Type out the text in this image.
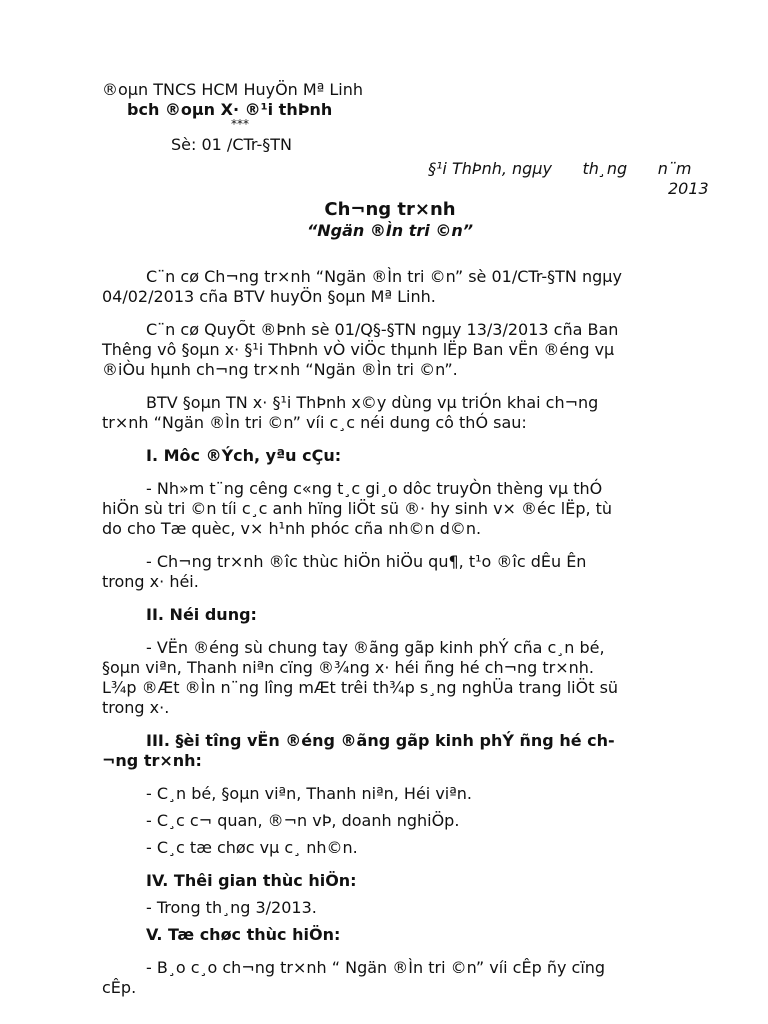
®oµn TNCS HCM HuyÖn Mª Linh
bch ®oµn X· ®¹i thÞnh
***
Sè: 01 /CTr-§TN
§¹i ThÞnh, ngµy      th¸ng      n¨m
2013
Ch¬ng tr×nh
“Ngän ®Ìn tri ©n”
C¨n cø Ch¬ng tr×nh “Ngän ®Ìn tri ©n” sè 01/CTr-§TN ngµy
04/02/2013 cña BTV huyÖn §oµn Mª Linh.
C¨n cø QuyÕt ®Þnh sè 01/Q§-§TN ngµy 13/3/2013 cña Ban
Thêng vô §oµn x· §¹i ThÞnh vÒ viÖc thµnh lËp Ban vËn ®éng vµ
®iÒu hµnh ch¬ng tr×nh “Ngän ®Ìn tri ©n”.
BTV §oµn TN x· §¹i ThÞnh x©y dùng vµ triÓn khai ch¬ng
tr×nh “Ngän ®Ìn tri ©n” víi c¸c néi dung cô thÓ sau:
I. Môc ®Ých, yªu cÇu:
- Nh»m t¨ng cêng c«ng t¸c gi¸o dôc truyÒn thèng vµ thÓ
hiÖn sù tri ©n tíi c¸c anh hïng liÖt sü ®· hy sinh v× ®éc lËp, tù
do cho Tæ quèc, v× h¹nh phóc cña nh©n d©n.
- Ch¬ng tr×nh ®îc thùc hiÖn hiÖu qu¶, t¹o ®îc dÊu Ên
trong x· héi.
II. Néi dung:
- VËn ®éng sù chung tay ®ãng gãp kinh phÝ cña c¸n bé,
§oµn viªn, Thanh niªn cïng ®¾ng x· héi ñng hé ch¬ng tr×nh.
L¾p ®Æt ®Ìn n¨ng lîng mÆt trêi th¾p s¸ng nghÜa trang liÖt sü
trong x·.
III. §èi tîng vËn ®éng ®ãng gãp kinh phÝ ñng hé ch-
¬ng tr×nh:
- C¸n bé, §oµn viªn, Thanh niªn, Héi viªn.
- C¸c c¬ quan, ®¬n vÞ, doanh nghiÖp.
- C¸c tæ chøc vµ c¸ nh©n.
IV. Thêi gian thùc hiÖn:
- Trong th¸ng 3/2013.
V. Tæ chøc thùc hiÖn:
- B¸o c¸o ch¬ng tr×nh “ Ngän ®Ìn tri ©n” víi cÊp ñy cïng
cÊp.
